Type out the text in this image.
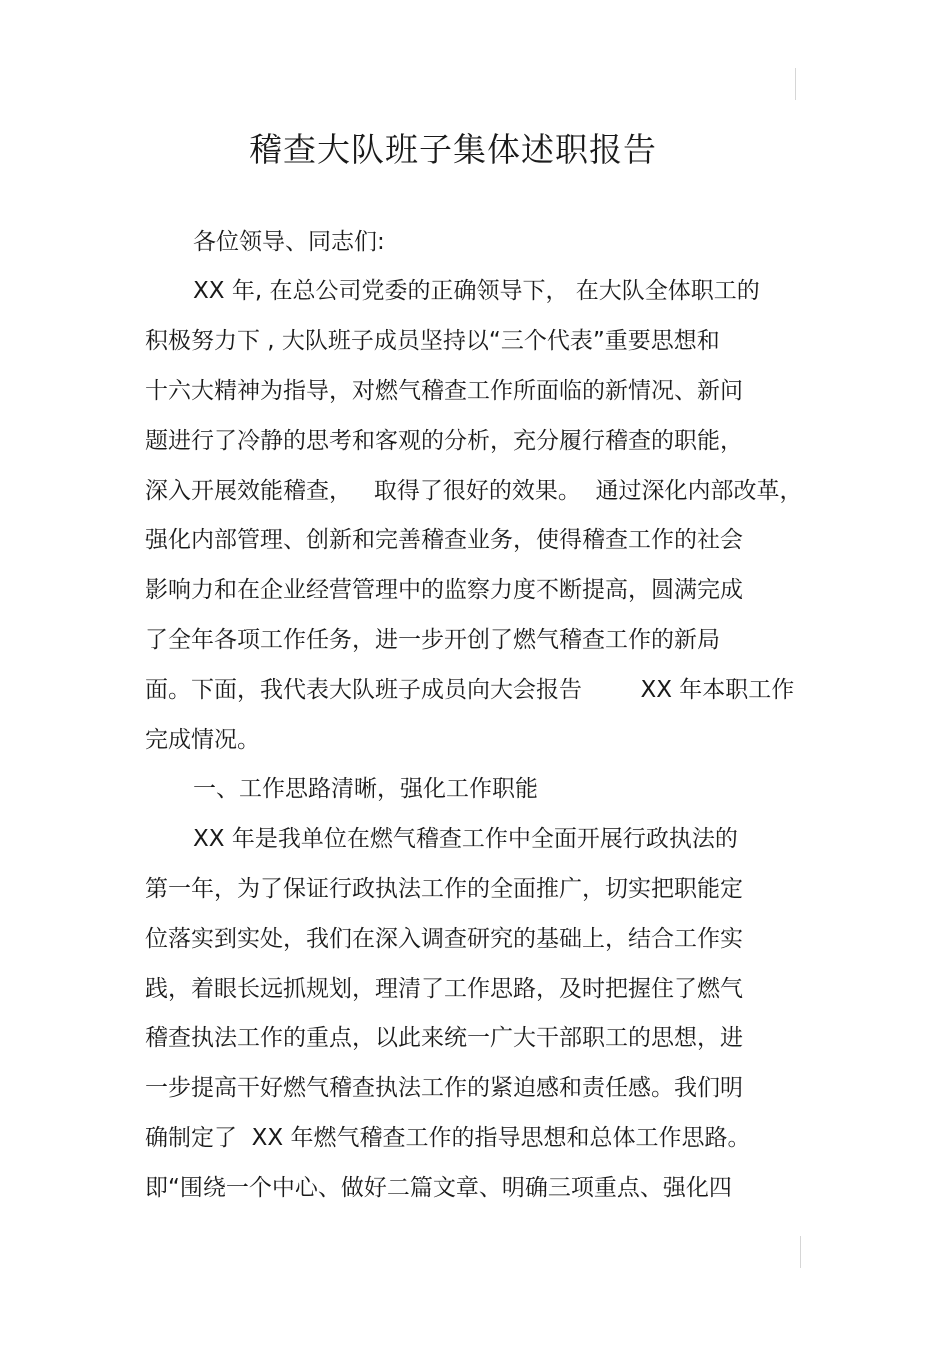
稽查大队班子集体述职报告

各位领导、同志们:

XX 年, 在总公司党委的正确领导下， 在大队全体职工的

积极努力下 , 大队班子成员坚持以“三个代表”重要思想和

十六大精神为指导，对燃气稽查工作所面临的新情况、新问

题进行了冷静的思考和客观的分析，充分履行稽查的职能，

深入开展效能稽查，   取得了很好的效果。  通过深化内部改革，

强化内部管理、创新和完善稽查业务，使得稽查工作的社会

影响力和在企业经营管理中的监察力度不断提高，圆满完成

了全年各项工作任务，进一步开创了燃气稽查工作的新局

面。下面，我代表大队班子成员向大会报告        XX 年本职工作

完成情况。

一、工作思路清晰，强化工作职能

XX 年是我单位在燃气稽查工作中全面开展行政执法的

第一年，为了保证行政执法工作的全面推广，切实把职能定

位落实到实处，我们在深入调查研究的基础上，结合工作实

践，着眼长远抓规划，理清了工作思路，及时把握住了燃气

稽查执法工作的重点，以此来统一广大干部职工的思想，进

一步提高干好燃气稽查执法工作的紧迫感和责任感。我们明

确制定了  XX 年燃气稽查工作的指导思想和总体工作思路。

即“围绕一个中心、做好二篇文章、明确三项重点、强化四
